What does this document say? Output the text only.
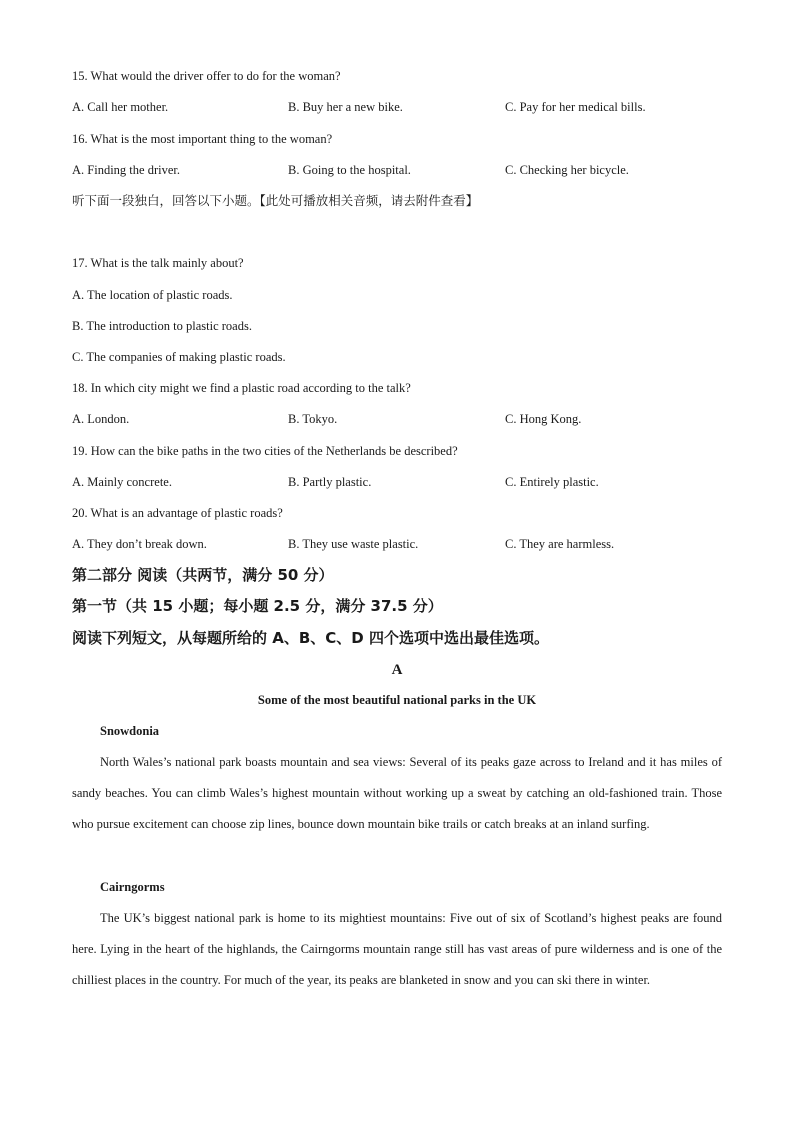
15. What would the driver offer to do for the woman?
A. Call her mother.	B. Buy her a new bike.	C. Pay for her medical bills.
16. What is the most important thing to the woman?
A. Finding the driver.	B. Going to the hospital.	C. Checking her bicycle.
听下面一段独白，回答以下小题。【此处可播放相关音频，请去附件查看】
17. What is the talk mainly about?
A. The location of plastic roads.
B. The introduction to plastic roads.
C. The companies of making plastic roads.
18. In which city might we find a plastic road according to the talk?
A. London.	B. Tokyo.	C. Hong Kong.
19. How can the bike paths in the two cities of the Netherlands be described?
A. Mainly concrete.	B. Partly plastic.	C. Entirely plastic.
20. What is an advantage of plastic roads?
A. They don’t break down.	B. They use waste plastic.	C. They are harmless.
第二部分 阅读（共两节，满分 50 分）
第一节（共 15 小题；每小题 2.5 分，满分 37.5 分）
阅读下列短文，从每题所给的 A、B、C、D 四个选项中选出最佳选项。
A
Some of the most beautiful national parks in the UK
Snowdonia
North Wales’s national park boasts mountain and sea views: Several of its peaks gaze across to Ireland and it has miles of sandy beaches. You can climb Wales’s highest mountain without working up a sweat by catching an old-fashioned train. Those who pursue excitement can choose zip lines, bounce down mountain bike trails or catch breaks at an inland surfing.
Cairngorms
The UK’s biggest national park is home to its mightiest mountains: Five out of six of Scotland’s highest peaks are found here. Lying in the heart of the highlands, the Cairngorms mountain range still has vast areas of pure wilderness and is one of the chilliest places in the country. For much of the year, its peaks are blanketed in snow and you can ski there in winter.
